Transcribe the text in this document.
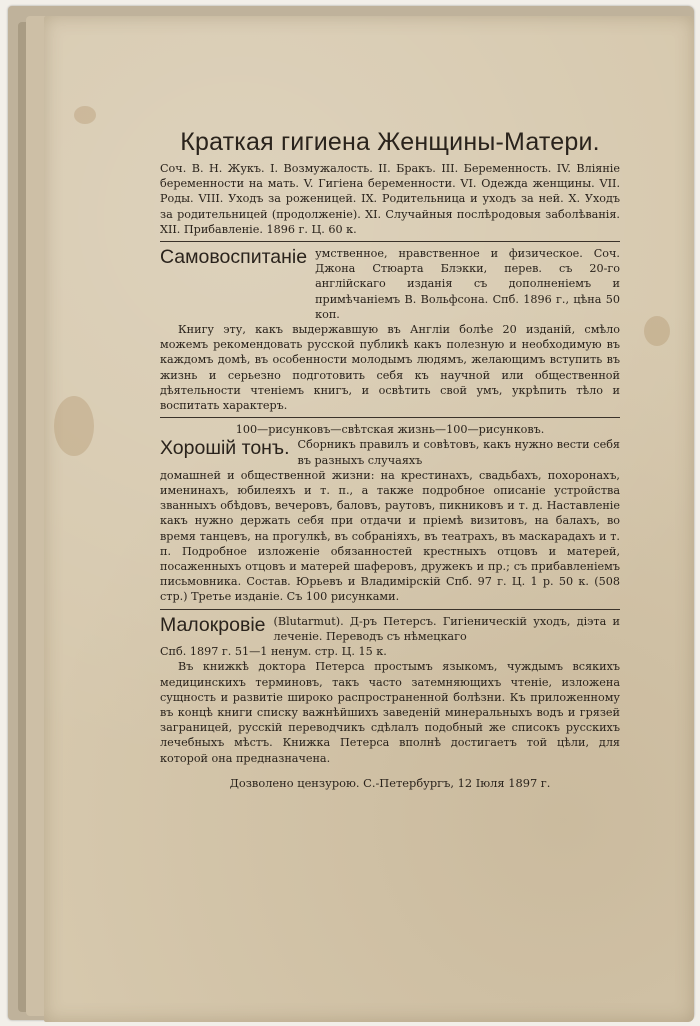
Краткая гигиена Женщины-Матери.

Соч. В. Н. Жукъ. I. Возмужалость. II. Бракъ. III. Беременность. IV. Вліяніе беременности на мать. V. Гигіена беременности. VI. Одежда женщины. VII. Роды. VIII. Уходъ за роженицей. IX. Родительница и уходъ за ней. X. Уходъ за родительницей (продолженіе). XI. Случайныя послѣродовыя заболѣванія. XII. Прибавленіе. 1896 г. Ц. 60 к.

Самовоспитаніе умственное, нравственное и физическое. Соч. Джона Стюарта Блэкки, перев. съ 20-го англійскаго изданія съ дополненіемъ и примѣчаніемъ В. Вольфсона. Спб. 1896 г., цѣна 50 коп.

Книгу эту, какъ выдержавшую въ Англіи болѣе 20 изданій, смѣло можемъ рекомендовать русской публикѣ какъ полезную и необходимую въ каждомъ домѣ, въ особенности молодымъ людямъ, желающимъ вступить въ жизнь и серьезно подготовить себя къ научной или общественной дѣятельности чтеніемъ книгъ, и освѣтить свой умъ, укрѣпить тѣло и воспитать характеръ.

100—рисунковъ—свѣтская жизнь—100—рисунковъ.

Хорошій тонъ. Сборникъ правилъ и совѣтовъ, какъ нужно вести себя въ разныхъ случаяхъ

домашней и общественной жизни: на крестинахъ, свадьбахъ, похоронахъ, именинахъ, юбилеяхъ и т. п., а также подробное описаніе устройства званныхъ обѣдовъ, вечеровъ, баловъ, раутовъ, пикниковъ и т. д. Наставленіе какъ нужно держать себя при отдачи и пріемѣ визитовъ, на балахъ, во время танцевъ, на прогулкѣ, въ собраніяхъ, въ театрахъ, въ маскарадахъ и т. п. Подробное изложеніе обязанностей крестныхъ отцовъ и матерей, посаженныхъ отцовъ и матерей шаферовъ, дружекъ и пр.; съ прибавленіемъ письмовника. Состав. Юрьевъ и Владимірскій Спб. 97 г. Ц. 1 р. 50 к. (508 стр.) Третье изданіе. Съ 100 рисунками.

Малокровіе (Blutarmut). Д-ръ Петерсъ. Гигіеническій уходъ, діэта и леченіе. Переводъ съ нѣмецкаго

Спб. 1897 г. 51—1 ненум. стр. Ц. 15 к.

Въ книжкѣ доктора Петерса простымъ языкомъ, чуждымъ всякихъ медицинскихъ терминовъ, такъ часто затемняющихъ чтеніе, изложена сущность и развитіе широко распространенной болѣзни. Къ приложенному въ концѣ книги списку важнѣйшихъ заведеній минеральныхъ водъ и грязей заграницей, русскій переводчикъ сдѣлалъ подобный же списокъ русскихъ лечебныхъ мѣстъ. Книжка Петерса вполнѣ достигаетъ той цѣли, для которой она предназначена.

Дозволено цензурою. С.-Петербургъ, 12 Іюля 1897 г.
